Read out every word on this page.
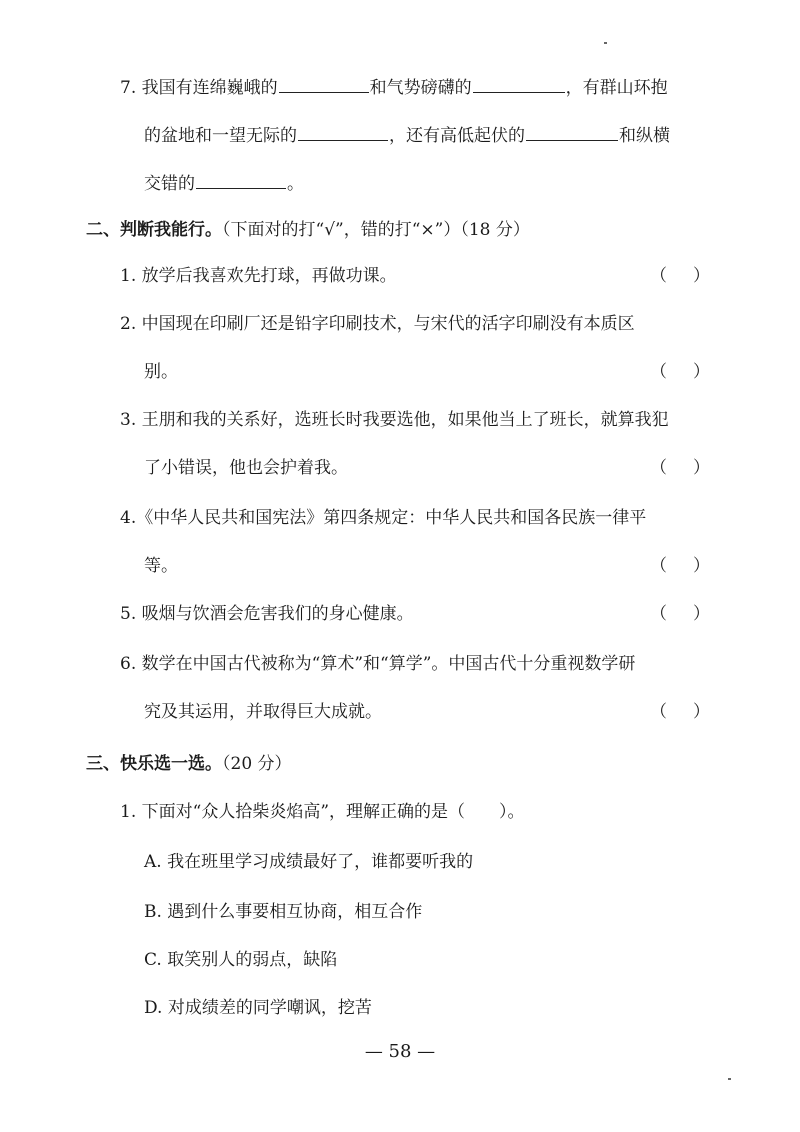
7. 我国有连绵巍峨的	和气势磅礴的	，有群山环抱
的盆地和一望无际的	，还有高低起伏的	和纵横
交错的	。
二、判断我能行。（下面对的打“√”，错的打“×”）（18 分）
1. 放学后我喜欢先打球，再做功课。	（）
2. 中国现在印刷厂还是铅字印刷技术，与宋代的活字印刷没有本质区
别。	（）
3. 王朋和我的关系好，选班长时我要选他，如果他当上了班长，就算我犯
了小错误，他也会护着我。	（）
4.《中华人民共和国宪法》第四条规定：中华人民共和国各民族一律平
等。	（）
5. 吸烟与饮酒会危害我们的身心健康。	（）
6. 数学在中国古代被称为“算术”和“算学”。中国古代十分重视数学研
究及其运用，并取得巨大成就。	（）
三、快乐选一选。（20 分）
1. 下面对“众人拾柴炎焰高”，理解正确的是（　　）。
A. 我在班里学习成绩最好了，谁都要听我的
B. 遇到什么事要相互协商，相互合作
C. 取笑别人的弱点，缺陷
D. 对成绩差的同学嘲讽，挖苦
— 58 —
